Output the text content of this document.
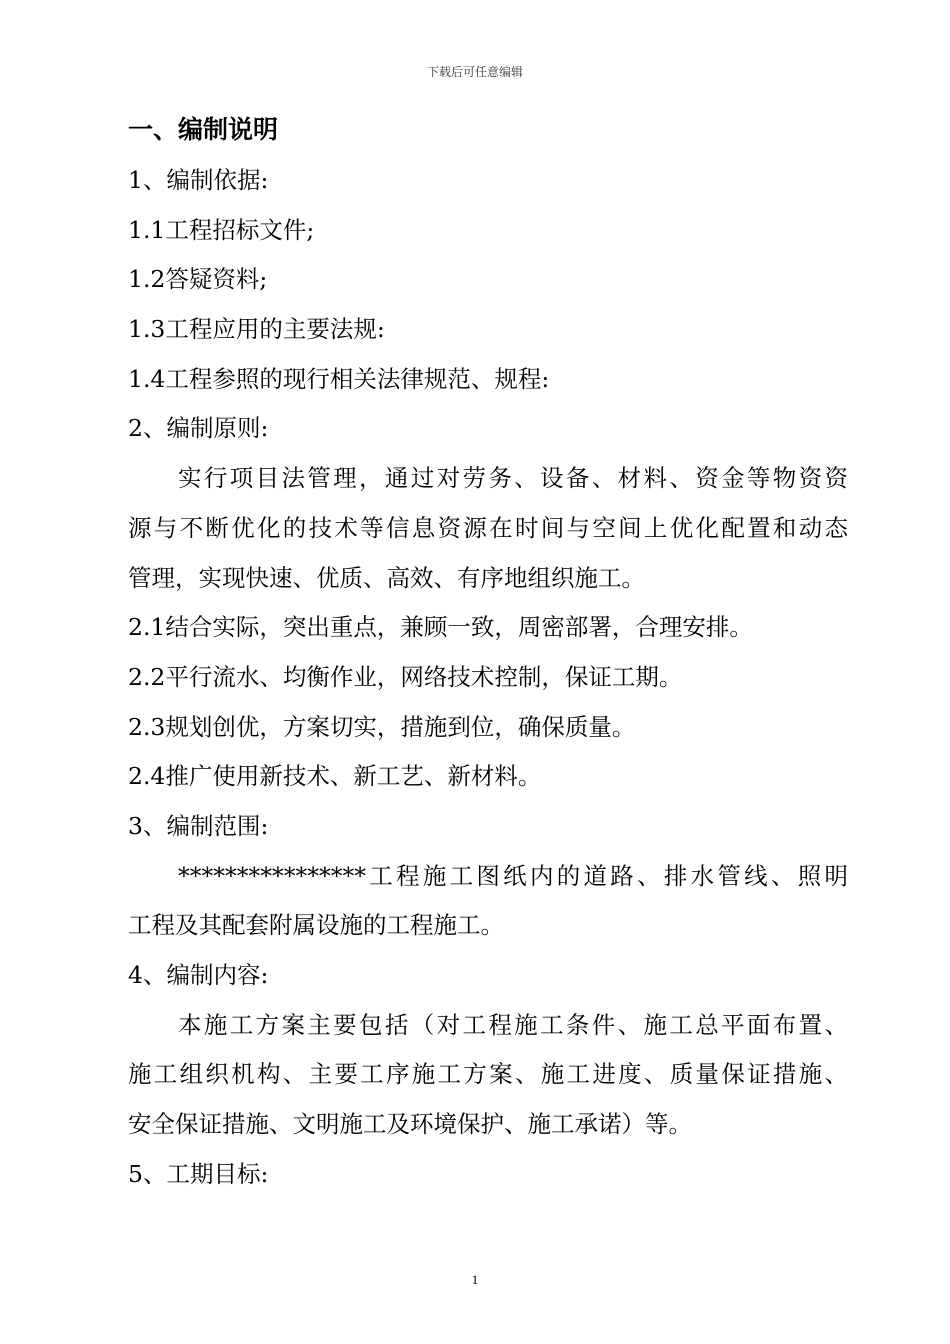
下载后可任意编辑
一、编制说明
1、编制依据:
1.1工程招标文件;
1.2答疑资料;
1.3工程应用的主要法规:
1.4工程参照的现行相关法律规范、规程:
2、编制原则:
实行项目法管理，通过对劳务、设备、材料、资金等物资资
源与不断优化的技术等信息资源在时间与空间上优化配置和动态
管理，实现快速、优质、高效、有序地组织施工。
2.1结合实际，突出重点，兼顾一致，周密部署，合理安排。
2.2平行流水、均衡作业，网络技术控制，保证工期。
2.3规划创优，方案切实，措施到位，确保质量。
2.4推广使用新技术、新工艺、新材料。
3、编制范围:
****************工程施工图纸内的道路、排水管线、照明
工程及其配套附属设施的工程施工。
4、编制内容:
本施工方案主要包括（对工程施工条件、施工总平面布置、
施工组织机构、主要工序施工方案、施工进度、质量保证措施、
安全保证措施、文明施工及环境保护、施工承诺）等。
5、工期目标:
1
